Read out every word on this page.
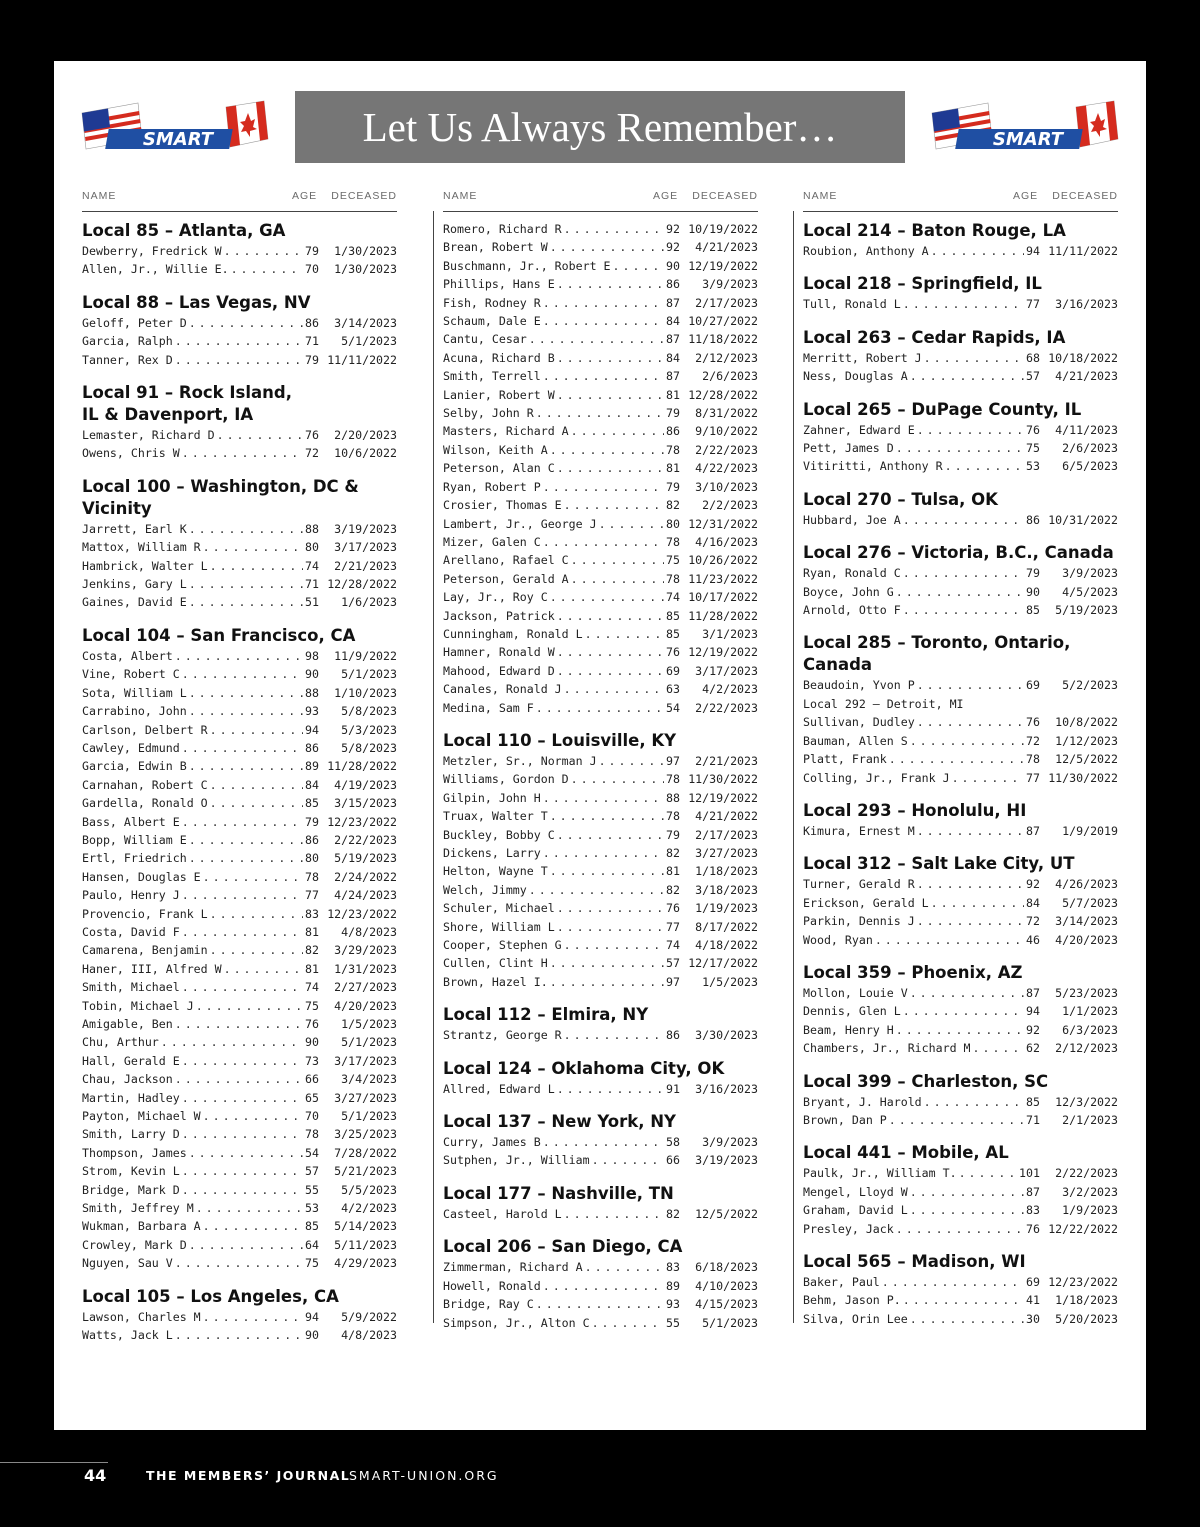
SMART	Let Us Always Remember…	SMART
NAME	AGE DECEASED
Local 85 – Atlanta, GA
Dewberry, Fredrick W . . .	79	1/30/2023
Allen, Jr., Willie E. . . .	70	1/30/2023
Local 88 – Las Vegas, NV
Geloff, Peter D . . .	86	3/14/2023
Garcia, Ralph . . .	71	5/1/2023
Tanner, Rex D . . .	79 11/11/2022
Local 91 – Rock Island,
IL & Davenport, IA
Lemaster, Richard D . . .	76	2/20/2023
Owens, Chris W . . .	72	10/6/2022
Local 100 – Washington, DC & Vicinity
Jarrett, Earl K . . .	88	3/19/2023
Mattox, William R . . .	80	3/17/2023
Hambrick, Walter L . . .	74	2/21/2023
Jenkins, Gary L . . .	71 12/28/2022
Gaines, David E . . .	51	1/6/2023
Local 104 – San Francisco, CA
Costa, Albert . . .	98	11/9/2022
Vine, Robert C . . .	90	5/1/2023
Sota, William L . . .	88	1/10/2023
Carrabino, John . . .	93	5/8/2023
Carlson, Delbert R . . .	94	5/3/2023
Cawley, Edmund . . .	86	5/8/2023
Garcia, Edwin B . . .	89 11/28/2022
Carnahan, Robert C . . .	84	4/19/2023
Gardella, Ronald O . . .	85	3/15/2023
Bass, Albert E . . .	79 12/23/2022
Bopp, William E . . .	86	2/22/2023
Ertl, Friedrich . . .	80	5/19/2023
Hansen, Douglas E . . .	78	2/24/2022
Paulo, Henry J . . .	77	4/24/2023
Provencio, Frank L . . .	83 12/23/2022
Costa, David F . . .	81	4/8/2023
Camarena, Benjamin . . .	82	3/29/2023
Haner, III, Alfred W . . .	81	1/31/2023
Smith, Michael . . .	74	2/27/2023
Tobin, Michael J . . .	75	4/20/2023
Amigable, Ben . . .	76	1/5/2023
Chu, Arthur . . .	90	5/1/2023
Hall, Gerald E . . .	73	3/17/2023
Chau, Jackson . . .	66	3/4/2023
Martin, Hadley . . .	65	3/27/2023
Payton, Michael W . . .	70	5/1/2023
Smith, Larry D . . .	78	3/25/2023
Thompson, James . . .	54	7/28/2022
Strom, Kevin L . . .	57	5/21/2023
Bridge, Mark D . . .	55	5/5/2023
Smith, Jeffrey M . . .	53	4/2/2023
Wukman, Barbara A . . .	85	5/14/2023
Crowley, Mark D . . .	64	5/11/2023
Nguyen, Sau V . . .	75	4/29/2023
Local 105 – Los Angeles, CA
Lawson, Charles M . . .	94	5/9/2022
Watts, Jack L . . .	90	4/8/2023
NAME	AGE DECEASED
Romero, Richard R . . .	92 10/19/2022
Brean, Robert W . . .	92	4/21/2023
Buschmann, Jr., Robert E . . .	90 12/19/2022
Phillips, Hans E . . .	86	3/9/2023
Fish, Rodney R . . .	87	2/17/2023
Schaum, Dale E . . .	84 10/27/2022
Cantu, Cesar . . .	87 11/18/2022
Acuna, Richard B . . .	84	2/12/2023
Smith, Terrell . . .	87	2/6/2023
Lanier, Robert W . . .	81 12/28/2022
Selby, John R . . .	79	8/31/2022
Masters, Richard A . . .	86	9/10/2022
Wilson, Keith A . . .	78	2/22/2023
Peterson, Alan C . . .	81	4/22/2023
Ryan, Robert P . . .	79	3/10/2023
Crosier, Thomas E . . .	82	2/2/2023
Lambert, Jr., George J . . .	80 12/31/2022
Mizer, Galen C . . .	78	4/16/2023
Arellano, Rafael C . . .	75 10/26/2022
Peterson, Gerald A . . .	78 11/23/2022
Lay, Jr., Roy C . . .	74 10/17/2022
Jackson, Patrick . . .	85 11/28/2022
Cunningham, Ronald L . . .	85	3/1/2023
Hamner, Ronald W . . .	76 12/19/2022
Mahood, Edward D . . .	69	3/17/2023
Canales, Ronald J . . .	63	4/2/2023
Medina, Sam F . . .	54	2/22/2023
Local 110 – Louisville, KY
Metzler, Sr., Norman J . . .	97	2/21/2023
Williams, Gordon D . . .	78 11/30/2022
Gilpin, John H . . .	88 12/19/2022
Truax, Walter T . . .	78	4/21/2022
Buckley, Bobby C . . .	79	2/17/2023
Dickens, Larry . . .	82	3/27/2023
Helton, Wayne T . . .	81	1/18/2023
Welch, Jimmy . . .	82	3/18/2023
Schuler, Michael . . .	76	1/19/2023
Shore, William L . . .	77	8/17/2022
Cooper, Stephen G . . .	74	4/18/2022
Cullen, Clint H . . .	57 12/17/2022
Brown, Hazel I. . . .	97	1/5/2023
Local 112 – Elmira, NY
Strantz, George R . . .	86	3/30/2023
Local 124 – Oklahoma City, OK
Allred, Edward L . . .	91	3/16/2023
Local 137 – New York, NY
Curry, James B . . .	58	3/9/2023
Sutphen, Jr., William . . .	66	3/19/2023
Local 177 – Nashville, TN
Casteel, Harold L . . .	82	12/5/2022
Local 206 – San Diego, CA
Zimmerman, Richard A . . .	83	6/18/2023
Howell, Ronald . . .	89	4/10/2023
Bridge, Ray C . . .	93	4/15/2023
Simpson, Jr., Alton C . . .	55	5/1/2023
NAME	AGE DECEASED
Local 214 – Baton Rouge, LA
Roubion, Anthony A . . .	94 11/11/2022
Local 218 – Springfield, IL
Tull, Ronald L . . .	77	3/16/2023
Local 263 – Cedar Rapids, IA
Merritt, Robert J . . .	68 10/18/2022
Ness, Douglas A . . .	57	4/21/2023
Local 265 – DuPage County, IL
Zahner, Edward E . . .	76	4/11/2023
Pett, James D . . .	75	2/6/2023
Vitiritti, Anthony R . . .	53	6/5/2023
Local 270 – Tulsa, OK
Hubbard, Joe A . . .	86 10/31/2022
Local 276 – Victoria, B.C., Canada
Ryan, Ronald C . . .	79	3/9/2023
Boyce, John G . . .	90	4/5/2023
Arnold, Otto F . . .	85	5/19/2023
Local 285 – Toronto, Ontario, Canada
Beaudoin, Yvon P . . .	69	5/2/2023
Local 292 – Detroit, MI
Sullivan, Dudley . . .	76	10/8/2022
Bauman, Allen S . . .	72	1/12/2023
Platt, Frank . . .	78	12/5/2022
Colling, Jr., Frank J . . .	77 11/30/2022
Local 293 – Honolulu, HI
Kimura, Ernest M . . .	87	1/9/2019
Local 312 – Salt Lake City, UT
Turner, Gerald R . . .	92	4/26/2023
Erickson, Gerald L . . .	84	5/7/2023
Parkin, Dennis J . . .	72	3/14/2023
Wood, Ryan . . .	46	4/20/2023
Local 359 – Phoenix, AZ
Mollon, Louie V . . .	87	5/23/2023
Dennis, Glen L . . .	94	1/1/2023
Beam, Henry H . . .	92	6/3/2023
Chambers, Jr., Richard M . . .	62	2/12/2023
Local 399 – Charleston, SC
Bryant, J. Harold . . .	85	12/3/2022
Brown, Dan P . . .	71	2/1/2023
Local 441 – Mobile, AL
Paulk, Jr., William T. . . .	101	2/22/2023
Mengel, Lloyd W . . .	87	3/2/2023
Graham, David L . . .	83	1/9/2023
Presley, Jack . . .	76 12/22/2022
Local 565 – Madison, WI
Baker, Paul . . .	69 12/23/2022
Behm, Jason P. . . .	41	1/18/2023
Silva, Orin Lee . . .	30	5/20/2023
44	THE MEMBERS’ JOURNAL
SMART-UNION.ORG
